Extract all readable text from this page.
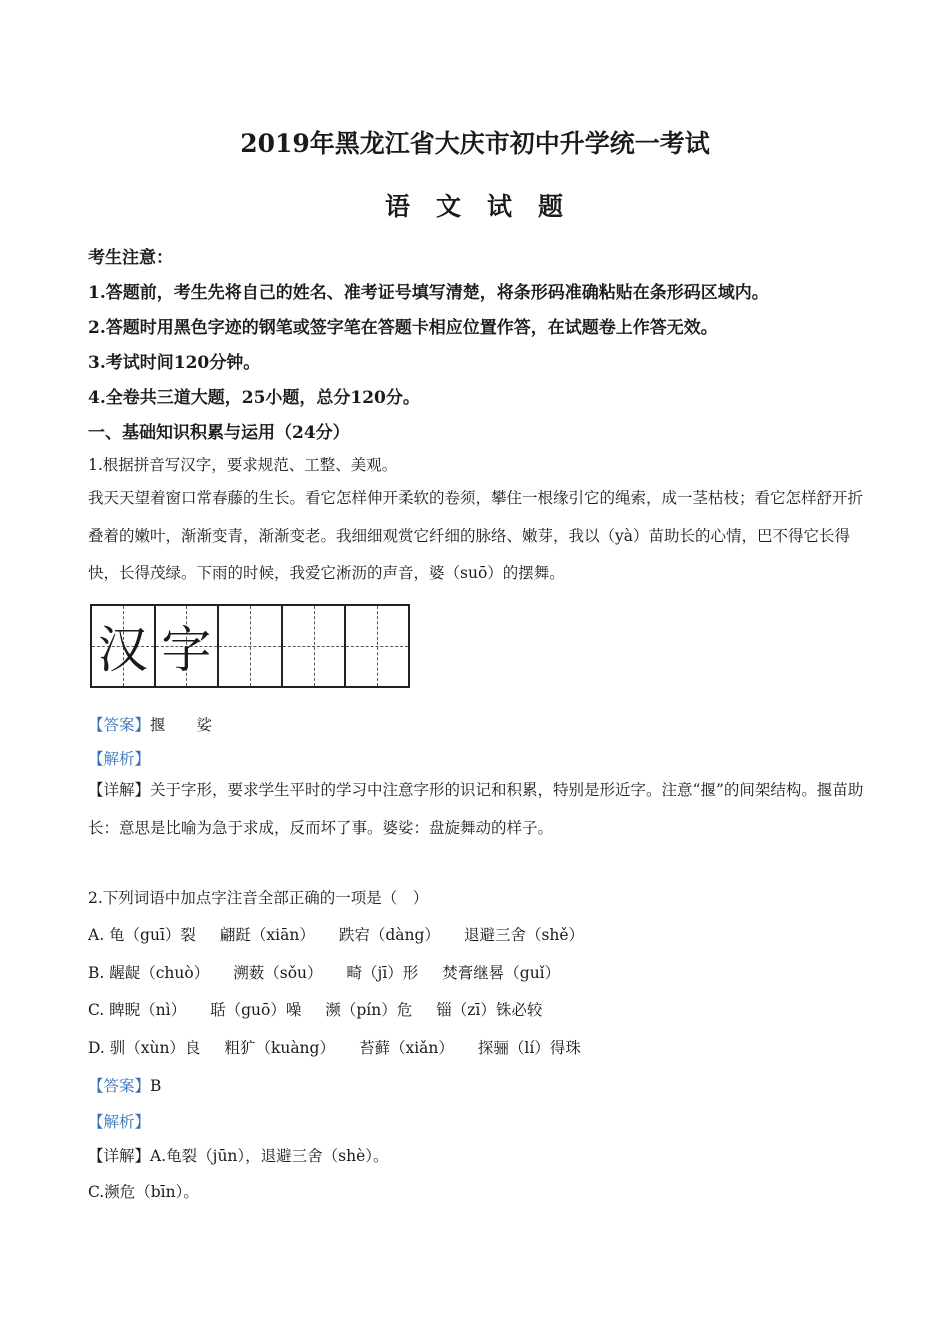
2019年黑龙江省大庆市初中升学统一考试
语 文 试 题
考生注意：
1.答题前，考生先将自己的姓名、准考证号填写清楚，将条形码准确粘贴在条形码区域内。
2.答题时用黑色字迹的钢笔或签字笔在答题卡相应位置作答，在试题卷上作答无效。
3.考试时间120分钟。
4.全卷共三道大题，25小题，总分120分。
一、基础知识积累与运用（24分）
1.根据拼音写汉字，要求规范、工整、美观。
我天天望着窗口常春藤的生长。看它怎样伸开柔软的卷须，攀住一根缘引它的绳索，成一茎枯枝；看它怎样舒开折叠着的嫩叶，渐渐变青，渐渐变老。我细细观赏它纤细的脉络、嫩芽，我以（yà）苗助长的心情，巴不得它长得快，长得茂绿。下雨的时候，我爱它淅沥的声音，婆（suō）的摆舞。
汉 字
【答案】揠　　娑
【解析】
【详解】关于字形，要求学生平时的学习中注意字形的识记和积累，特别是形近字。注意“揠”的间架结构。揠苗助长：意思是比喻为急于求成，反而坏了事。婆娑：盘旋舞动的样子。
2.下列词语中加点字注音全部正确的一项是（　）
A. 龟（guī）裂 翩跹（xiān） 跌宕（dàng） 退避三舍（shě）
B. 龌龊（chuò） 溯薮（sǒu） 畸（jī）形 焚膏继晷（guǐ）
C. 睥睨（nì） 聒（guō）噪 濒（pín）危 锱（zī）铢必较
D. 驯（xùn）良 粗犷（kuàng） 苔藓（xiǎn） 探骊（lí）得珠
【答案】B
【解析】
【详解】A.龟裂（jūn），退避三舍（shè）。
C.濒危（bīn）。
